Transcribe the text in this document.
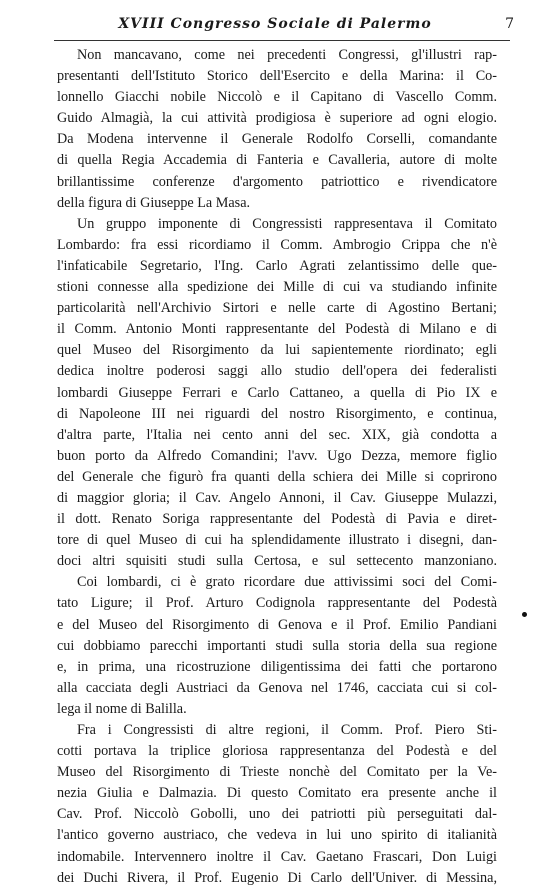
XVIII Congresso Sociale di Palermo	7
Non mancavano, come nei precedenti Congressi, gl'illustri rap-
presentanti dell'Istituto Storico dell'Esercito e della Marina: il Co-
lonnello Giacchi nobile Niccolò e il Capitano di Vascello Comm.
Guido Almagià, la cui attività prodigiosa è superiore ad ogni elogio.
Da Modena intervenne il Generale Rodolfo Corselli, comandante
di quella Regia Accademia di Fanteria e Cavalleria, autore di molte
brillantissime conferenze d'argomento patriottico e rivendicatore
della figura di Giuseppe La Masa.
Un gruppo imponente di Congressisti rappresentava il Comitato
Lombardo: fra essi ricordiamo il Comm. Ambrogio Crippa che n'è
l'infaticabile Segretario, l'Ing. Carlo Agrati zelantissimo delle que-
stioni connesse alla spedizione dei Mille di cui va studiando infinite
particolarità nell'Archivio Sirtori e nelle carte di Agostino Bertani;
il Comm. Antonio Monti rappresentante del Podestà di Milano e di
quel Museo del Risorgimento da lui sapientemente riordinato; egli
dedica inoltre poderosi saggi allo studio dell'opera dei federalisti
lombardi Giuseppe Ferrari e Carlo Cattaneo, a quella di Pio IX e
di Napoleone III nei riguardi del nostro Risorgimento, e continua,
d'altra parte, l'Italia nei cento anni del sec. XIX, già condotta a
buon porto da Alfredo Comandini; l'avv. Ugo Dezza, memore figlio
del Generale che figurò fra quanti della schiera dei Mille si coprirono
di maggior gloria; il Cav. Angelo Annoni, il Cav. Giuseppe Mulazzi,
il dott. Renato Soriga rappresentante del Podestà di Pavia e diret-
tore di quel Museo di cui ha splendidamente illustrato i disegni, dan-
doci altri squisiti studi sulla Certosa, e sul settecento manzoniano.
Coi lombardi, ci è grato ricordare due attivissimi soci del Comi-
tato Ligure; il Prof. Arturo Codignola rappresentante del Podestà
e del Museo del Risorgimento di Genova e il Prof. Emilio Pandiani
cui dobbiamo parecchi importanti studi sulla storia della sua regione
e, in prima, una ricostruzione diligentissima dei fatti che portarono
alla cacciata degli Austriaci da Genova nel 1746, cacciata cui si col-
lega il nome di Balilla.
Fra i Congressisti di altre regioni, il Comm. Prof. Piero Sti-
cotti portava la triplice gloriosa rappresentanza del Podestà e del
Museo del Risorgimento di Trieste nonchè del Comitato per la Ve-
nezia Giulia e Dalmazia. Di questo Comitato era presente anche il
Cav. Prof. Niccolò Gobolli, uno dei patriotti più perseguitati dal-
l'antico governo austriaco, che vedeva in lui uno spirito di italianità
indomabile. Intervennero inoltre il Cav. Gaetano Frascari, Don Luigi
dei Duchi Rivera, il Prof. Eugenio Di Carlo dell'Univer. di Messina,
